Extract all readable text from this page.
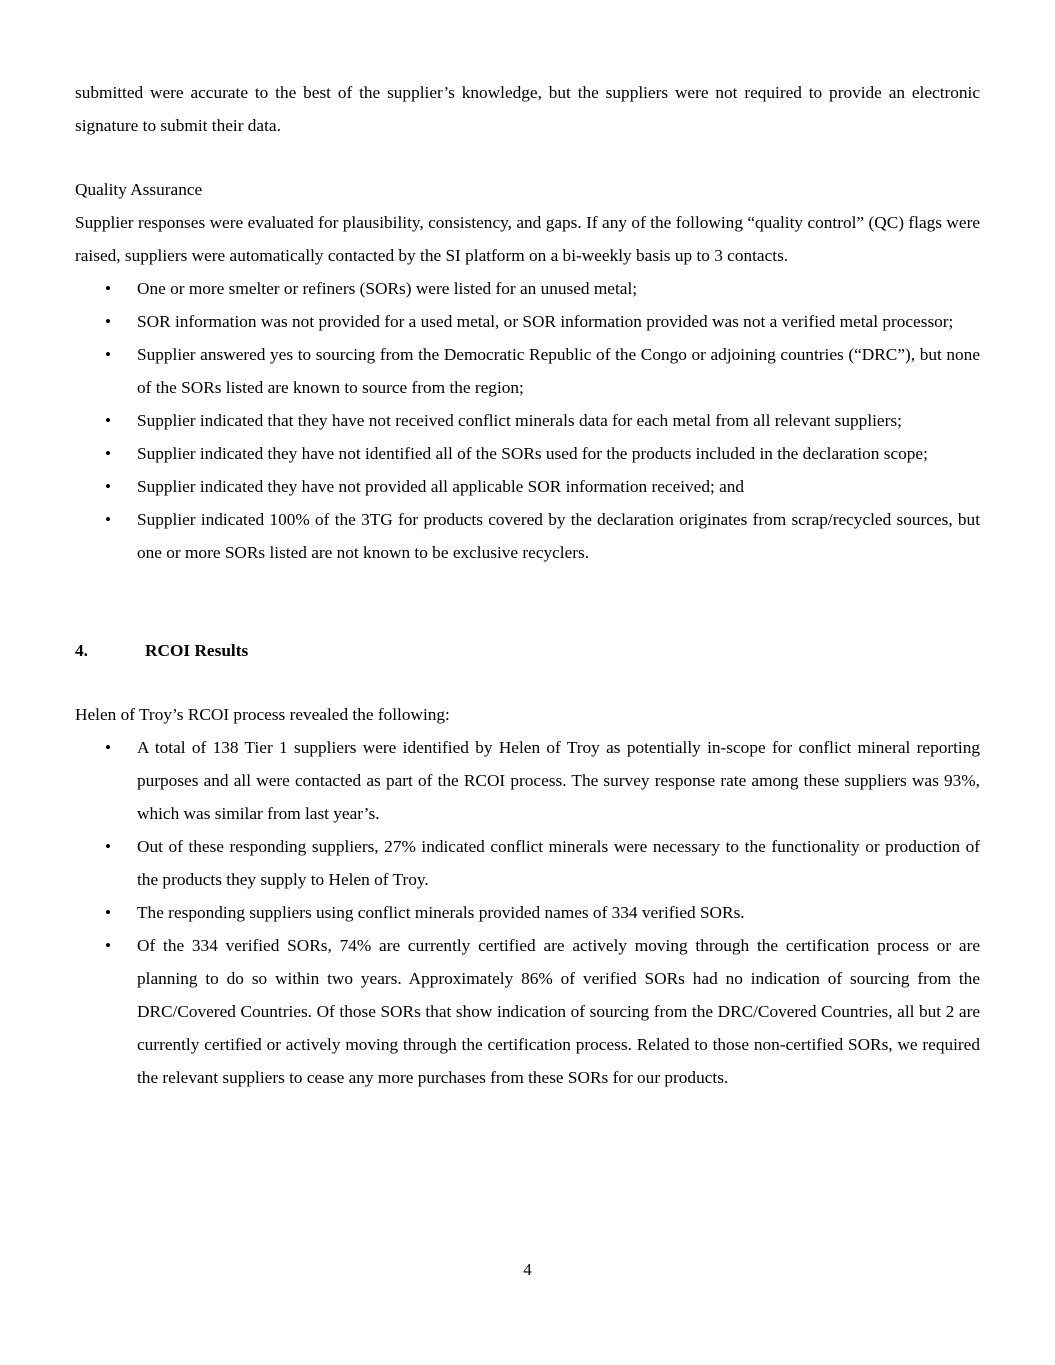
submitted were accurate to the best of the supplier’s knowledge, but the suppliers were not required to provide an electronic signature to submit their data.

Quality Assurance

Supplier responses were evaluated for plausibility, consistency, and gaps. If any of the following “quality control” (QC) flags were raised, suppliers were automatically contacted by the SI platform on a bi-weekly basis up to 3 contacts.

• One or more smelter or refiners (SORs) were listed for an unused metal;
• SOR information was not provided for a used metal, or SOR information provided was not a verified metal processor;
• Supplier answered yes to sourcing from the Democratic Republic of the Congo or adjoining countries (“DRC”), but none of the SORs listed are known to source from the region;
• Supplier indicated that they have not received conflict minerals data for each metal from all relevant suppliers;
• Supplier indicated they have not identified all of the SORs used for the products included in the declaration scope;
• Supplier indicated they have not provided all applicable SOR information received; and
• Supplier indicated 100% of the 3TG for products covered by the declaration originates from scrap/recycled sources, but one or more SORs listed are not known to be exclusive recyclers.

4.	RCOI Results

Helen of Troy’s RCOI process revealed the following:

• A total of 138 Tier 1 suppliers were identified by Helen of Troy as potentially in-scope for conflict mineral reporting purposes and all were contacted as part of the RCOI process. The survey response rate among these suppliers was 93%, which was similar from last year’s.
• Out of these responding suppliers, 27% indicated conflict minerals were necessary to the functionality or production of the products they supply to Helen of Troy.
• The responding suppliers using conflict minerals provided names of 334 verified SORs.
• Of the 334 verified SORs, 74% are currently certified are actively moving through the certification process or are planning to do so within two years. Approximately 86% of verified SORs had no indication of sourcing from the DRC/Covered Countries. Of those SORs that show indication of sourcing from the DRC/Covered Countries, all but 2 are currently certified or actively moving through the certification process. Related to those non-certified SORs, we required the relevant suppliers to cease any more purchases from these SORs for our products.
4
